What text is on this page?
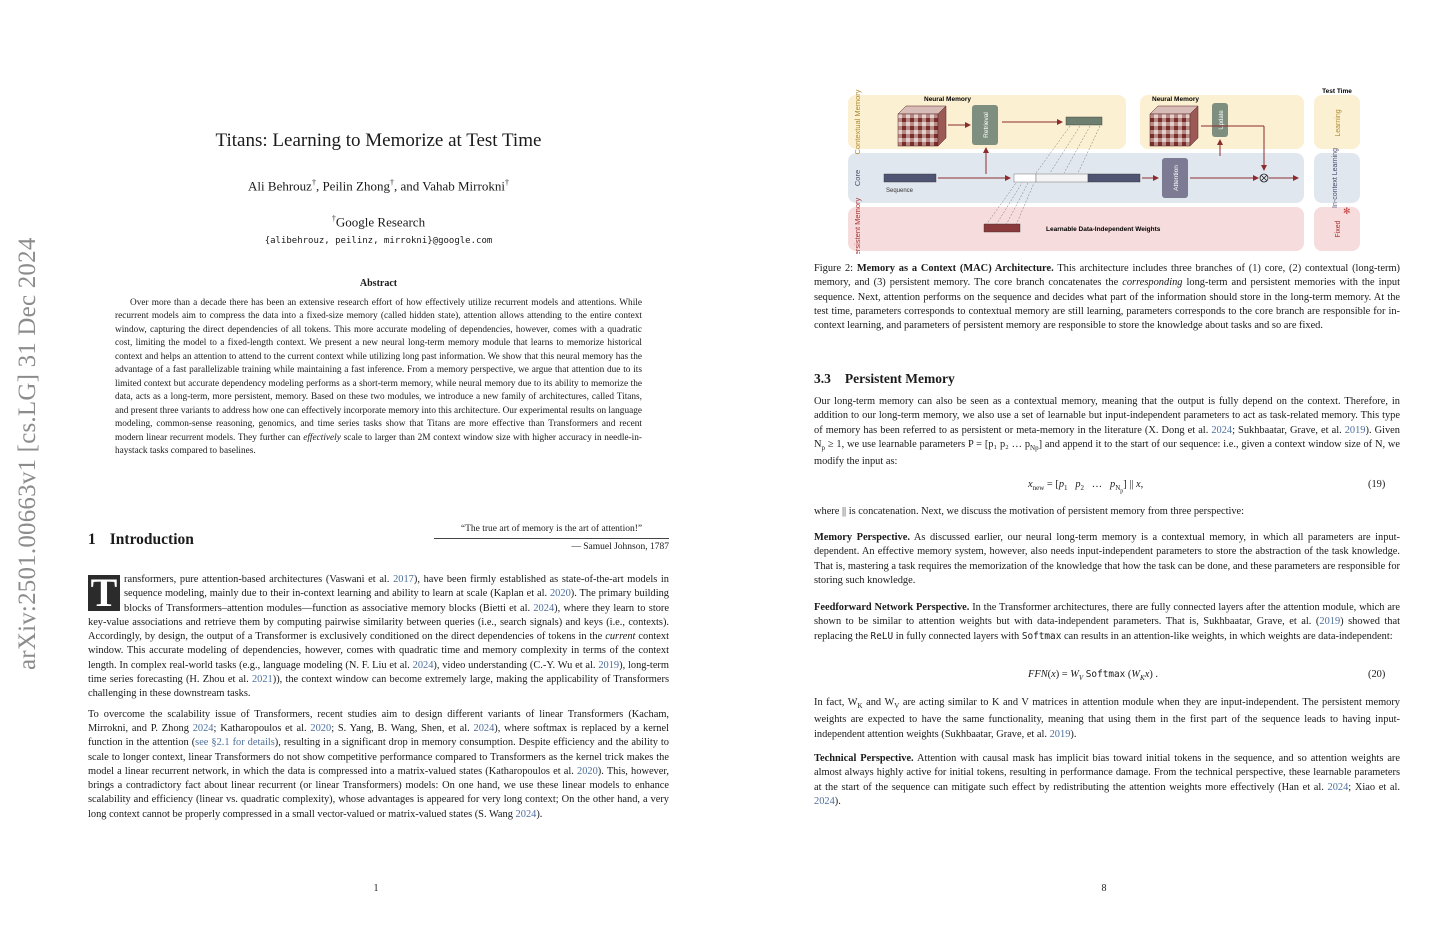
arXiv:2501.00663v1 [cs.LG] 31 Dec 2024
Titans: Learning to Memorize at Test Time
Ali Behrouz†, Peilin Zhong†, and Vahab Mirrokni†
†Google Research
{alibehrouz, peilinz, mirrokni}@google.com
Abstract
Over more than a decade there has been an extensive research effort of how effectively utilize recurrent models and attentions. While recurrent models aim to compress the data into a fixed-size memory (called hidden state), attention allows attending to the entire context window, capturing the direct dependencies of all tokens. This more accurate modeling of dependencies, however, comes with a quadratic cost, limiting the model to a fixed-length context. We present a new neural long-term memory module that learns to memorize historical context and helps an attention to attend to the current context while utilizing long past information. We show that this neural memory has the advantage of a fast parallelizable training while maintaining a fast inference. From a memory perspective, we argue that attention due to its limited context but accurate dependency modeling performs as a short-term memory, while neural memory due to its ability to memorize the data, acts as a long-term, more persistent, memory. Based on these two modules, we introduce a new family of architectures, called Titans, and present three variants to address how one can effectively incorporate memory into this architecture. Our experimental results on language modeling, common-sense reasoning, genomics, and time series tasks show that Titans are more effective than Transformers and recent modern linear recurrent models. They further can effectively scale to larger than 2M context window size with higher accuracy in needle-in-haystack tasks compared to baselines.
1 Introduction
“The true art of memory is the art of attention!”
— Samuel Johnson, 1787

T ransformers, pure attention-based architectures (Vaswani et al. 2017), have been firmly established as state-of-the-art models in sequence modeling, mainly due to their in-context learning and ability to learn at scale (Kaplan et al. 2020). The primary building blocks of Transformers–attention modules—function as associative memory blocks (Bietti et al. 2024), where they learn to store key-value associations and retrieve them by computing pairwise similarity between queries (i.e., search signals) and keys (i.e., contexts). Accordingly, by design, the output of a Transformer is exclusively conditioned on the direct dependencies of tokens in the current context window. This accurate modeling of dependencies, however, comes with quadratic time and memory complexity in terms of the context length. In complex real-world tasks (e.g., language modeling (N. F. Liu et al. 2024), video understanding (C.-Y. Wu et al. 2019), long-term time series forecasting (H. Zhou et al. 2021)), the context window can become extremely large, making the applicability of Transformers challenging in these downstream tasks.

To overcome the scalability issue of Transformers, recent studies aim to design different variants of linear Transformers (Kacham, Mirrokni, and P. Zhong 2024; Katharopoulos et al. 2020; S. Yang, B. Wang, Shen, et al. 2024), where softmax is replaced by a kernel function in the attention (see §2.1 for details), resulting in a significant drop in memory consumption. Despite efficiency and the ability to scale to longer context, linear Transformers do not show competitive performance compared to Transformers as the kernel trick makes the model a linear recurrent network, in which the data is compressed into a matrix-valued states (Katharopoulos et al. 2020). This, however, brings a contradictory fact about linear recurrent (or linear Transformers) models: On one hand, we use these linear models to enhance scalability and efficiency (linear vs. quadratic complexity), whose advantages is appeared for very long context; On the other hand, a very long context cannot be properly compressed in a small vector-valued or matrix-valued states (S. Wang 2024).

1
Contextual Memory
Core
Persistent Memory
Neural Memory
Retrieval
Neural Memory
Update
Test Time
Learning
In-context Learning
Fixed
✻
Sequence
Attention
Learnable Data-Independent Weights
Figure 2: Memory as a Context (MAC) Architecture. This architecture includes three branches of (1) core, (2) contextual (long-term) memory, and (3) persistent memory. The core branch concatenates the corresponding long-term and persistent memories with the input sequence. Next, attention performs on the sequence and decides what part of the information should store in the long-term memory. At the test time, parameters corresponds to contextual memory are still learning, parameters corresponds to the core branch are responsible for in-context learning, and parameters of persistent memory are responsible to store the knowledge about tasks and so are fixed.
3.3 Persistent Memory
Our long-term memory can also be seen as a contextual memory, meaning that the output is fully depend on the context. Therefore, in addition to our long-term memory, we also use a set of learnable but input-independent parameters to act as task-related memory. This type of memory has been referred to as persistent or meta-memory in the literature (X. Dong et al. 2024; Sukhbaatar, Grave, et al. 2019). Given $N_p \ge 1$, we use learnable parameters P = [p₁ p₂ … $p_{Np}$] and append it to the start of our sequence: i.e., given a context window size of N, we modify the input as:
$x_{new} = [p_1$ $p_2$   …   $p_{N_p}$] || x,	(19)
where || is concatenation. Next, we discuss the motivation of persistent memory from three perspective:
Memory Perspective. As discussed earlier, our neural long-term memory is a contextual memory, in which all parameters are input-dependent. An effective memory system, however, also needs input-independent parameters to store the abstraction of the task knowledge. That is, mastering a task requires the memorization of the knowledge that how the task can be done, and these parameters are responsible for storing such knowledge.
Feedforward Network Perspective. In the Transformer architectures, there are fully connected layers after the attention module, which are shown to be similar to attention weights but with data-independent parameters. That is, Sukhbaatar, Grave, et al. (2019) showed that replacing the ReLU in fully connected layers with Softmax can results in an attention-like weights, in which weights are data-independent:
$FFN(x) = W_V$ Softmax $(W_Kx)$ .	(20)
In fact, $W_K$ and $W_V$ are acting similar to K and V matrices in attention module when they are input-independent. The persistent memory weights are expected to have the same functionality, meaning that using them in the first part of the sequence leads to having input-independent attention weights (Sukhbaatar, Grave, et al. 2019).
Technical Perspective. Attention with causal mask has implicit bias toward initial tokens in the sequence, and so attention weights are almost always highly active for initial tokens, resulting in performance damage. From the technical perspective, these learnable parameters at the start of the sequence can mitigate such effect by redistributing the attention weights more effectively (Han et al. 2024; Xiao et al. 2024).
8
